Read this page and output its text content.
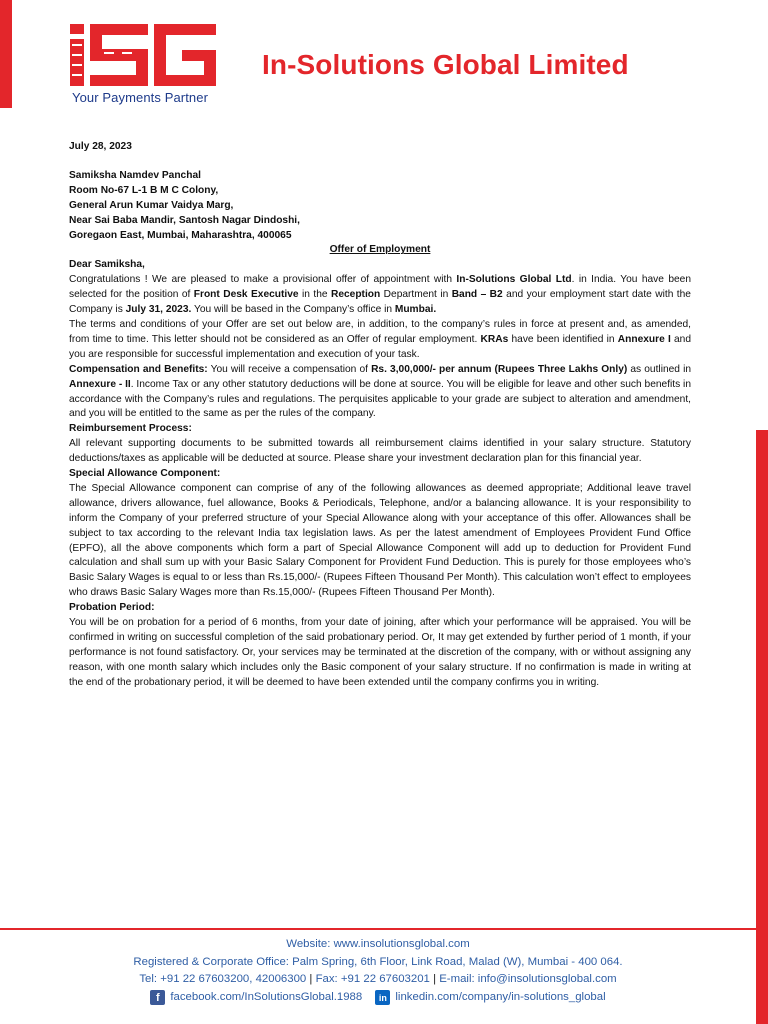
Your Payments Partner
In-Solutions Global Limited

July 28, 2023

Samiksha Namdev Panchal
Room No-67 L-1 B M C Colony,
General Arun Kumar Vaidya Marg,
Near Sai Baba Mandir, Santosh Nagar Dindoshi,
Goregaon East, Mumbai, Maharashtra, 400065

Offer of Employment

Dear Samiksha,

Congratulations ! We are pleased to make a provisional offer of appointment with In-Solutions Global Ltd. in India. You have been selected for the position of Front Desk Executive in the Reception Department in Band – B2 and your employment start date with the Company is July 31, 2023. You will be based in the Company’s office in Mumbai.

The terms and conditions of your Offer are set out below are, in addition, to the company’s rules in force at present and, as amended, from time to time. This letter should not be considered as an Offer of regular employment. KRAs have been identified in Annexure I and you are responsible for successful implementation and execution of your task.

Compensation and Benefits: You will receive a compensation of Rs. 3,00,000/- per annum (Rupees Three Lakhs Only) as outlined in Annexure - II. Income Tax or any other statutory deductions will be done at source. You will be eligible for leave and other such benefits in accordance with the Company’s rules and regulations. The perquisites applicable to your grade are subject to alteration and amendment, and you will be entitled to the same as per the rules of the company.

Reimbursement Process:
All relevant supporting documents to be submitted towards all reimbursement claims identified in your salary structure. Statutory deductions/taxes as applicable will be deducted at source. Please share your investment declaration plan for this financial year.

Special Allowance Component:
The Special Allowance component can comprise of any of the following allowances as deemed appropriate; Additional leave travel allowance, drivers allowance, fuel allowance, Books & Periodicals, Telephone, and/or a balancing allowance. It is your responsibility to inform the Company of your preferred structure of your Special Allowance along with your acceptance of this offer. Allowances shall be subject to tax according to the relevant India tax legislation laws. As per the latest amendment of Employees Provident Fund Office (EPFO), all the above components which form a part of Special Allowance Component will add up to deduction for Provident Fund calculation and shall sum up with your Basic Salary Component for Provident Fund Deduction. This is purely for those employees who’s Basic Salary Wages is equal to or less than Rs.15,000/- (Rupees Fifteen Thousand Per Month). This calculation won’t effect to employees who draws Basic Salary Wages more than Rs.15,000/- (Rupees Fifteen Thousand Per Month).

Probation Period:
You will be on probation for a period of 6 months, from your date of joining, after which your performance will be appraised. You will be confirmed in writing on successful completion of the said probationary period. Or, It may get extended by further period of 1 month, if your performance is not found satisfactory. Or, your services may be terminated at the discretion of the company, with or without assigning any reason, with one month salary which includes only the Basic component of your salary structure. If no confirmation is made in writing at the end of the probationary period, it will be deemed to have been extended until the company confirms you in writing.

Website: www.insolutionsglobal.com
Registered & Corporate Office: Palm Spring, 6th Floor, Link Road, Malad (W), Mumbai - 400 064.
Tel: +91 22 67603200, 42006300 | Fax: +91 22 67603201 | E-mail: info@insolutionsglobal.com
f facebook.com/InSolutionsGlobal.1988
	in linkedin.com/company/in-solutions_global
